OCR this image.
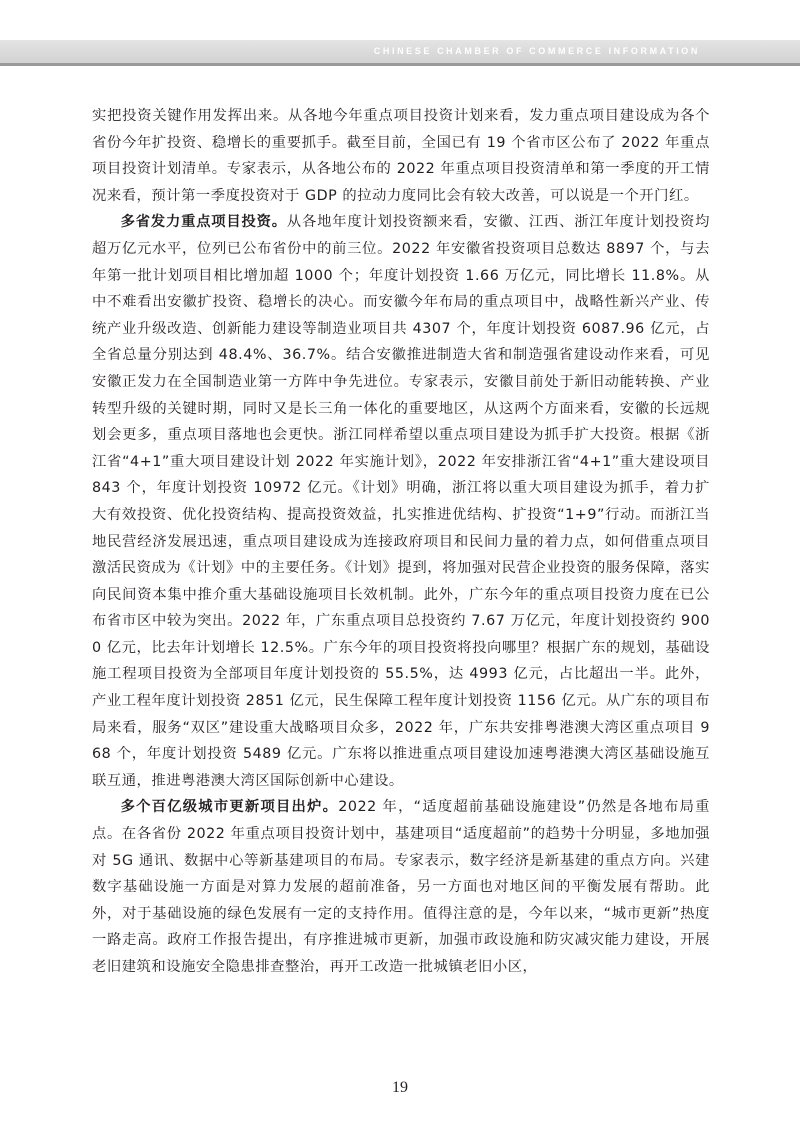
CHINESE CHAMBER OF COMMERCE INFORMATION

实把投资关键作用发挥出来。从各地今年重点项目投资计划来看，发力重点项目建设成为各个省份今年扩投资、稳增长的重要抓手。截至目前，全国已有 19 个省市区公布了 2022 年重点项目投资计划清单。专家表示，从各地公布的 2022 年重点项目投资清单和第一季度的开工情况来看，预计第一季度投资对于 GDP 的拉动力度同比会有较大改善，可以说是一个开门红。

多省发力重点项目投资。从各地年度计划投资额来看，安徽、江西、浙江年度计划投资均超万亿元水平，位列已公布省份中的前三位。2022 年安徽省投资项目总数达 8897 个，与去年第一批计划项目相比增加超 1000 个；年度计划投资 1.66 万亿元，同比增长 11.8%。从中不难看出安徽扩投资、稳增长的决心。而安徽今年布局的重点项目中，战略性新兴产业、传统产业升级改造、创新能力建设等制造业项目共 4307 个，年度计划投资 6087.96 亿元，占全省总量分别达到 48.4%、36.7%。结合安徽推进制造大省和制造强省建设动作来看，可见安徽正发力在全国制造业第一方阵中争先进位。专家表示，安徽目前处于新旧动能转换、产业转型升级的关键时期，同时又是长三角一体化的重要地区，从这两个方面来看，安徽的长远规划会更多，重点项目落地也会更快。浙江同样希望以重点项目建设为抓手扩大投资。根据《浙江省“4+1”重大项目建设计划 2022 年实施计划》，2022 年安排浙江省“4+1”重大建设项目 843 个，年度计划投资 10972 亿元。《计划》明确，浙江将以重大项目建设为抓手，着力扩大有效投资、优化投资结构、提高投资效益，扎实推进优结构、扩投资“1+9”行动。而浙江当地民营经济发展迅速，重点项目建设成为连接政府项目和民间力量的着力点，如何借重点项目激活民资成为《计划》中的主要任务。《计划》提到，将加强对民营企业投资的服务保障，落实向民间资本集中推介重大基础设施项目长效机制。此外，广东今年的重点项目投资力度在已公布省市区中较为突出。2022 年，广东重点项目总投资约 7.67 万亿元，年度计划投资约 9000 亿元，比去年计划增长 12.5%。广东今年的项目投资将投向哪里？根据广东的规划，基础设施工程项目投资为全部项目年度计划投资的 55.5%，达 4993 亿元，占比超出一半。此外，产业工程年度计划投资 2851 亿元，民生保障工程年度计划投资 1156 亿元。从广东的项目布局来看，服务“双区”建设重大战略项目众多，2022 年，广东共安排粤港澳大湾区重点项目 968 个，年度计划投资 5489 亿元。广东将以推进重点项目建设加速粤港澳大湾区基础设施互联互通，推进粤港澳大湾区国际创新中心建设。

多个百亿级城市更新项目出炉。2022 年，“适度超前基础设施建设”仍然是各地布局重点。在各省份 2022 年重点项目投资计划中，基建项目“适度超前”的趋势十分明显，多地加强对 5G 通讯、数据中心等新基建项目的布局。专家表示，数字经济是新基建的重点方向。兴建数字基础设施一方面是对算力发展的超前准备，另一方面也对地区间的平衡发展有帮助。此外，对于基础设施的绿色发展有一定的支持作用。值得注意的是，今年以来，“城市更新”热度一路走高。政府工作报告提出，有序推进城市更新，加强市政设施和防灾减灾能力建设，开展老旧建筑和设施安全隐患排查整治，再开工改造一批城镇老旧小区，

19
